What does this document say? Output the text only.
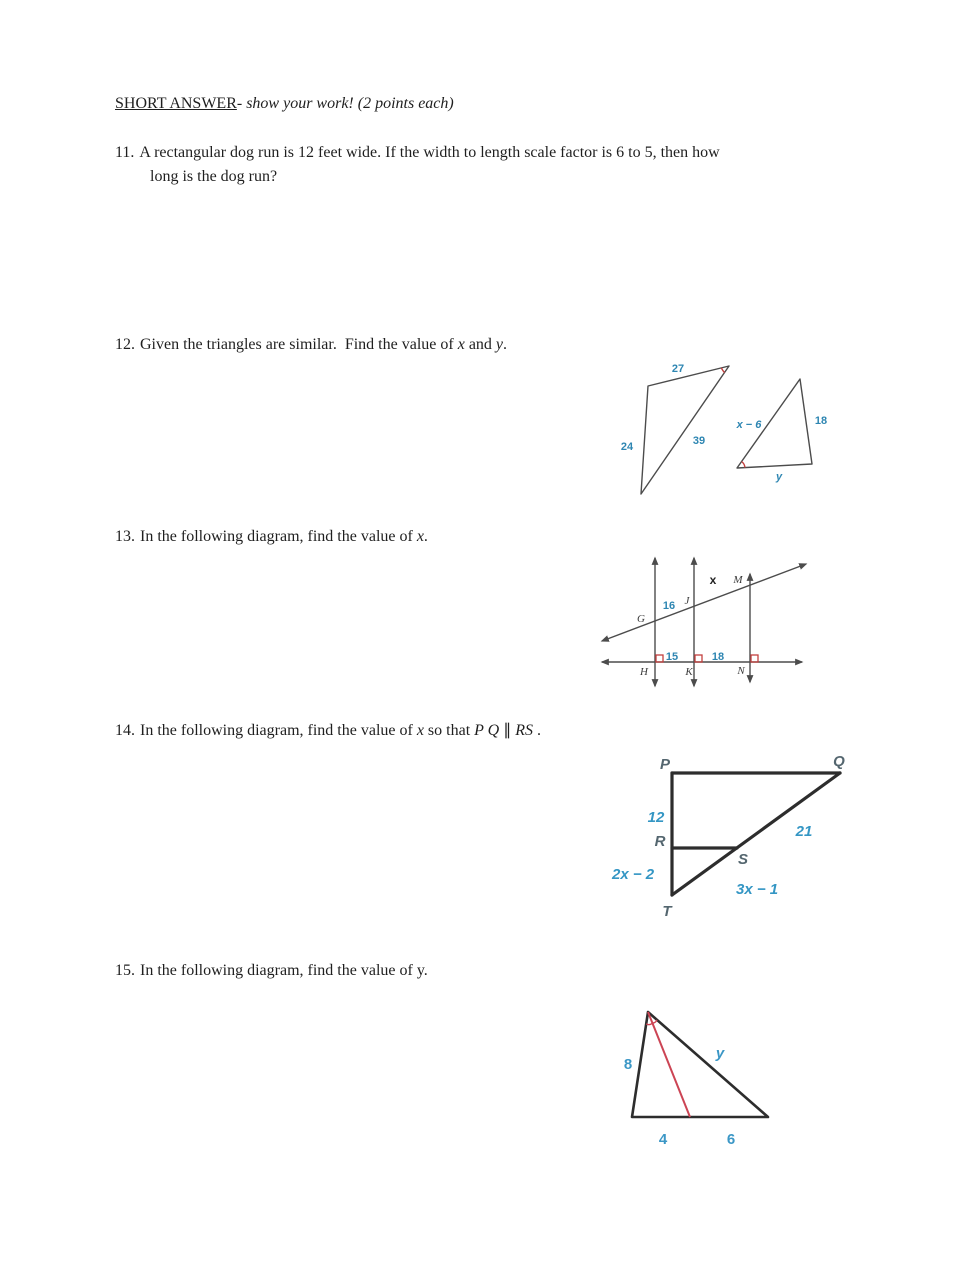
SHORT ANSWER- show your work! (2 points each)
11. A rectangular dog run is 12 feet wide. If the width to length scale factor is 6 to 5, then how
long is the dog run?
12. Given the triangles are similar.  Find the value of x and y.
27
24	39
x − 6	18
y
13. In the following diagram, find the value of x.
G
J
M
H	K	N
16
x
15	18
14. In the following diagram, find the value of x so that P Q ∥ RS .
P	Q
R
S
T
12
21
2x − 2
3x − 1
15. In the following diagram, find the value of y.
8
y
4	6
